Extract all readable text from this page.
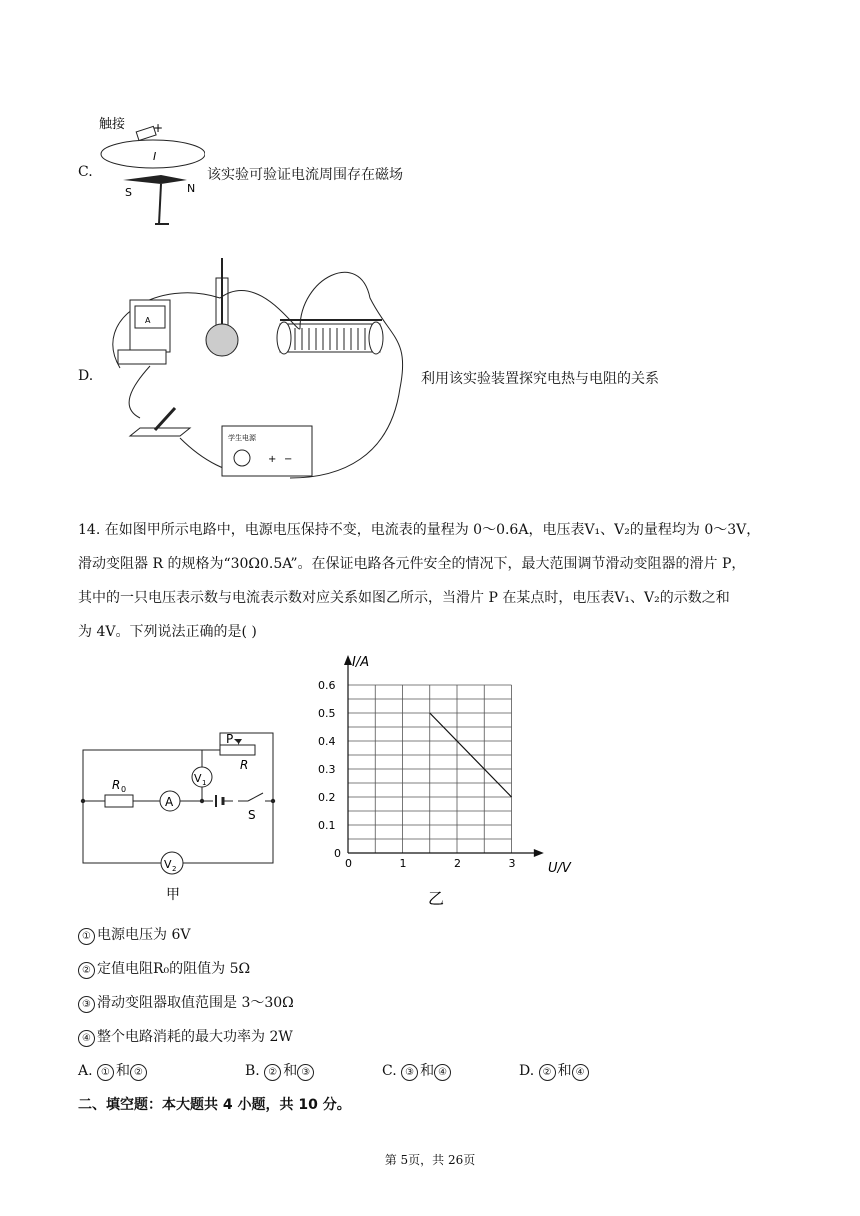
C.
触接 +
I
S	N
该实验可验证电流周围存在磁场
D.
A
学生电源
+ −
利用该实验装置探究电热与电阻的关系
14. 在如图甲所示电路中，电源电压保持不变，电流表的量程为 0～0.6A，电压表V₁、V₂的量程均为 0～3V，
滑动变阻器 R 的规格为“30Ω0.5A”。在保证电路各元件安全的情况下，最大范围调节滑动变阻器的滑片 P，
其中的一只电压表示数与电流表示数对应关系如图乙所示，当滑片 P 在某点时，电压表V₁、V₂的示数之和
为 4V。下列说法正确的是( )
P
R
R 0
A
V 1
V 2
S
甲
0	1	2	3
0
0.1
0.2
0.3
0.4
0.5
0.6
I/A
U/V
乙
① 电源电压为 6V
② 定值电阻R₀的阻值为 5Ω
③ 滑动变阻器取值范围是 3～30Ω
④ 整个电路消耗的最大功率为 2W
A. ① 和 ②	B. ② 和 ③	C. ③ 和 ④	D. ② 和 ④
二、填空题：本大题共 4 小题，共 10 分。
第 5页，共 26页
